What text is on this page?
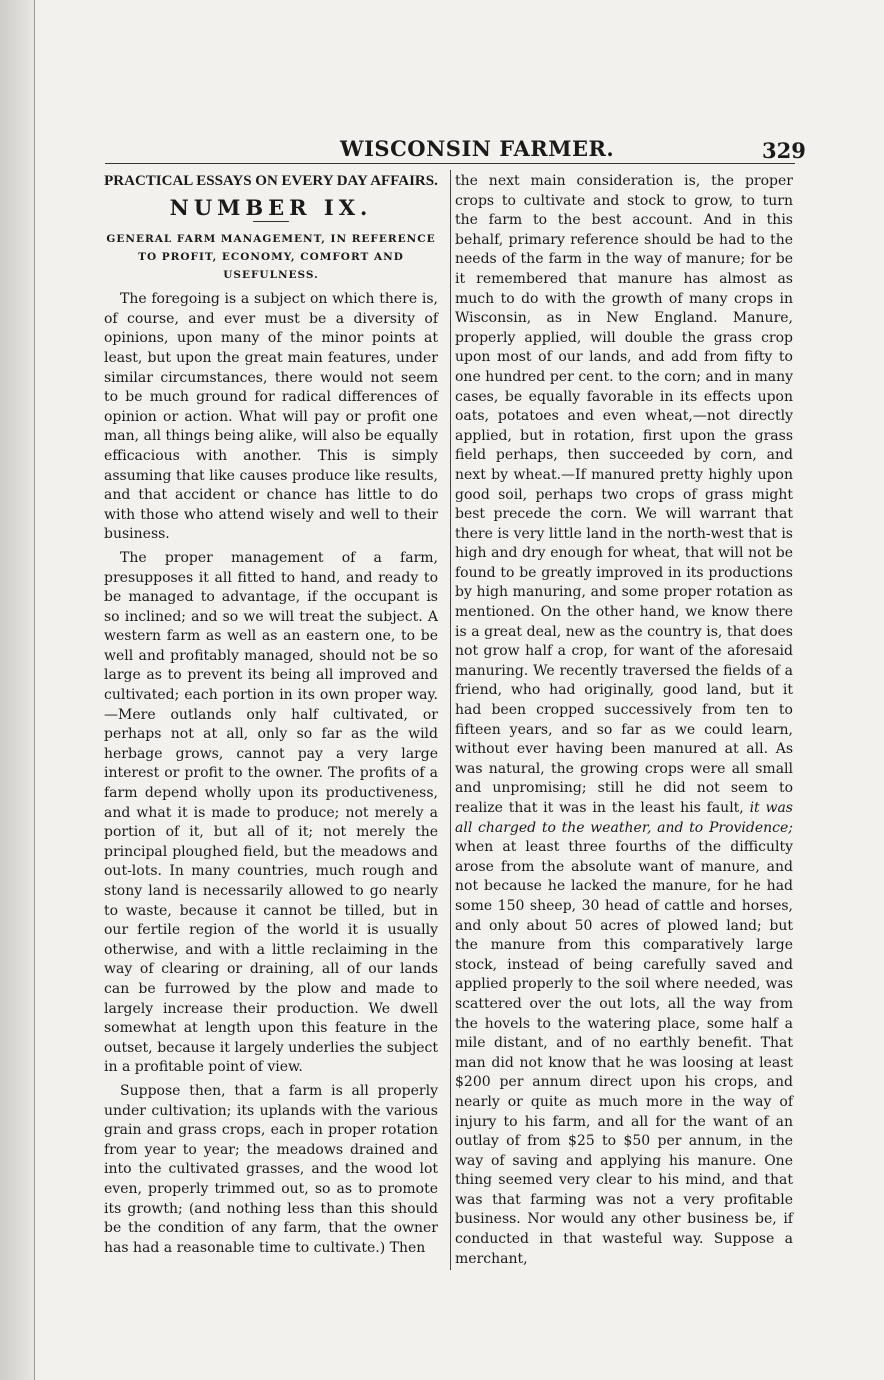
WISCONSIN FARMER.	329

PRACTICAL ESSAYS ON EVERY DAY AFFAIRS.

NUMBER IX.

GENERAL FARM MANAGEMENT, IN REFERENCE TO PROFIT, ECONOMY, COMFORT AND USEFULNESS.

The foregoing is a subject on which there is, of course, and ever must be a diversity of opinions, upon many of the minor points at least, but upon the great main features, under similar circumstances, there would not seem to be much ground for radical differences of opinion or action. What will pay or profit one man, all things being alike, will also be equally efficacious with another. This is simply assuming that like causes produce like results, and that accident or chance has little to do with those who attend wisely and well to their business.

The proper management of a farm, presupposes it all fitted to hand, and ready to be managed to advantage, if the occupant is so inclined; and so we will treat the subject. A western farm as well as an eastern one, to be well and profitably managed, should not be so large as to prevent its being all improved and cultivated; each portion in its own proper way.—Mere outlands only half cultivated, or perhaps not at all, only so far as the wild herbage grows, cannot pay a very large interest or profit to the owner. The profits of a farm depend wholly upon its productiveness, and what it is made to produce; not merely a portion of it, but all of it; not merely the principal ploughed field, but the meadows and out-lots. In many countries, much rough and stony land is necessarily allowed to go nearly to waste, because it cannot be tilled, but in our fertile region of the world it is usually otherwise, and with a little reclaiming in the way of clearing or draining, all of our lands can be furrowed by the plow and made to largely increase their production. We dwell somewhat at length upon this feature in the outset, because it largely underlies the subject in a profitable point of view.

Suppose then, that a farm is all properly under cultivation; its uplands with the various grain and grass crops, each in proper rotation from year to year; the meadows drained and into the cultivated grasses, and the wood lot even, properly trimmed out, so as to promote its growth; (and nothing less than this should be the condition of any farm, that the owner has had a reasonable time to cultivate.) Then

the next main consideration is, the proper crops to cultivate and stock to grow, to turn the farm to the best account. And in this behalf, primary reference should be had to the needs of the farm in the way of manure; for be it remembered that manure has almost as much to do with the growth of many crops in Wisconsin, as in New England. Manure, properly applied, will double the grass crop upon most of our lands, and add from fifty to one hundred per cent. to the corn; and in many cases, be equally favorable in its effects upon oats, potatoes and even wheat,—not directly applied, but in rotation, first upon the grass field perhaps, then succeeded by corn, and next by wheat.—If manured pretty highly upon good soil, perhaps two crops of grass might best precede the corn. We will warrant that there is very little land in the north-west that is high and dry enough for wheat, that will not be found to be greatly improved in its productions by high manuring, and some proper rotation as mentioned. On the other hand, we know there is a great deal, new as the country is, that does not grow half a crop, for want of the aforesaid manuring. We recently traversed the fields of a friend, who had originally, good land, but it had been cropped successively from ten to fifteen years, and so far as we could learn, without ever having been manured at all. As was natural, the growing crops were all small and unpromising; still he did not seem to realize that it was in the least his fault, it was all charged to the weather, and to Providence; when at least three fourths of the difficulty arose from the absolute want of manure, and not because he lacked the manure, for he had some 150 sheep, 30 head of cattle and horses, and only about 50 acres of plowed land; but the manure from this comparatively large stock, instead of being carefully saved and applied properly to the soil where needed, was scattered over the out lots, all the way from the hovels to the watering place, some half a mile distant, and of no earthly benefit. That man did not know that he was loosing at least $200 per annum direct upon his crops, and nearly or quite as much more in the way of injury to his farm, and all for the want of an outlay of from $25 to $50 per annum, in the way of saving and applying his manure. One thing seemed very clear to his mind, and that was that farming was not a very profitable business. Nor would any other business be, if conducted in that wasteful way. Suppose a merchant,
